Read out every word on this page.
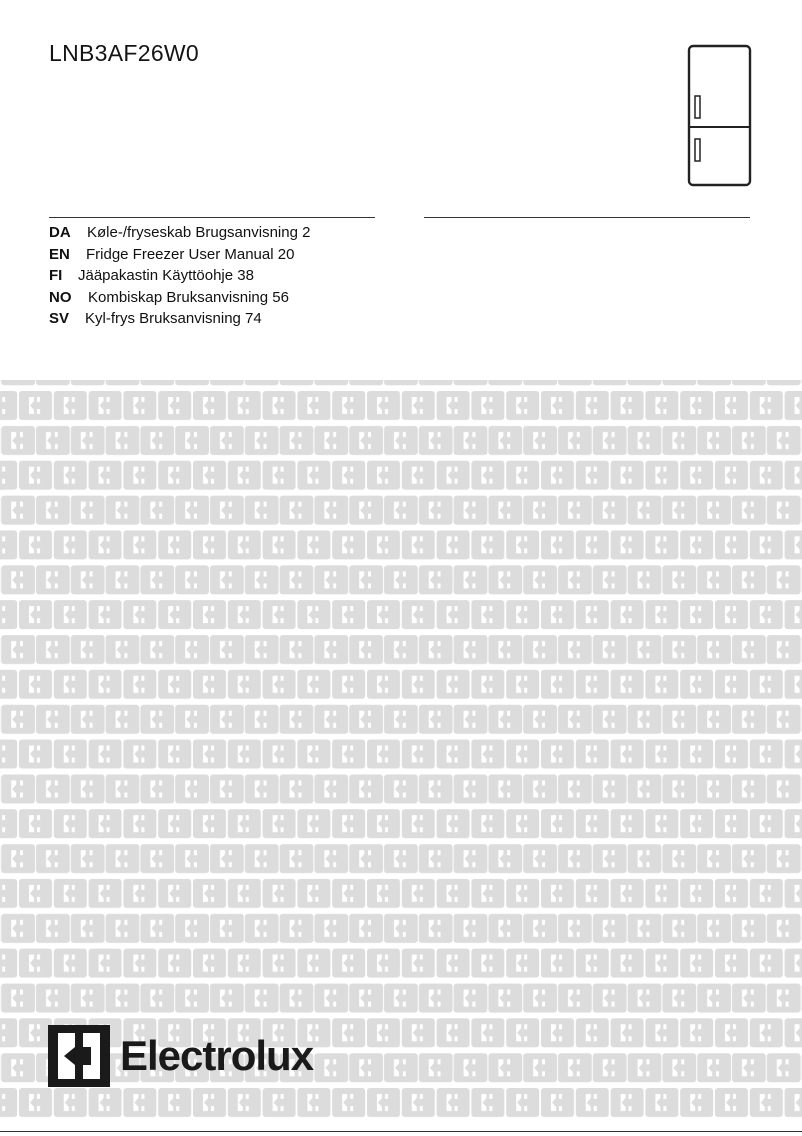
LNB3AF26W0
DA Køle-/fryseskab Brugsanvisning 2
EN Fridge Freezer User Manual 20
FI Jääpakastin Käyttöohje 38
NO Kombiskap Bruksanvisning 56
SV Kyl-frys Bruksanvisning 74
Electrolux
